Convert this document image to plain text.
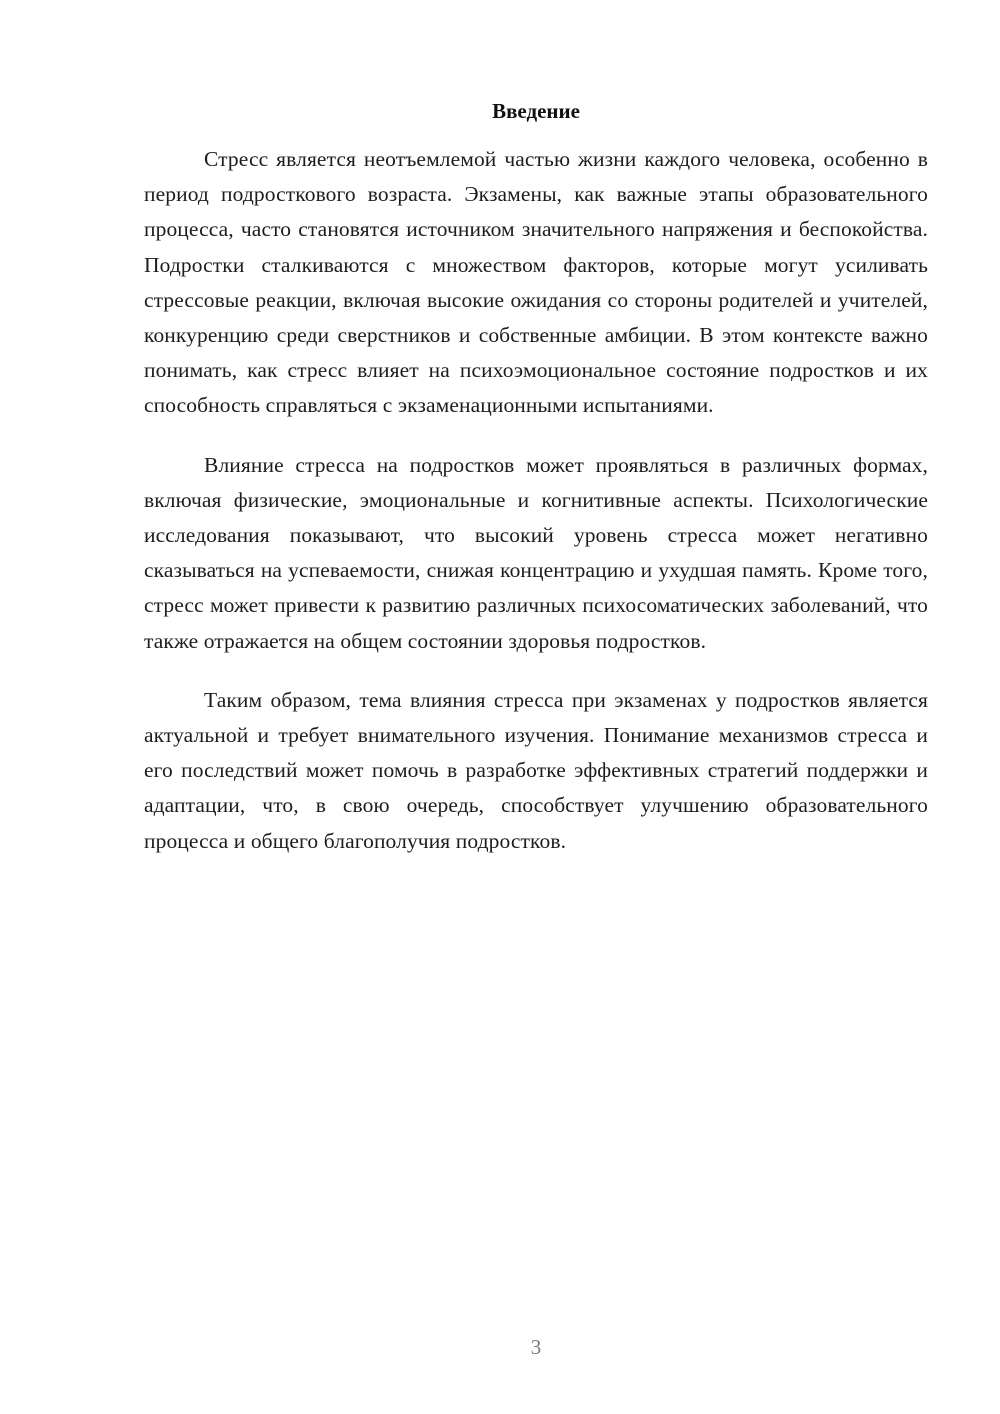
Введение

Стресс является неотъемлемой частью жизни каждого человека, особенно в период подросткового возраста. Экзамены, как важные этапы образовательного процесса, часто становятся источником значительного напряжения и беспокойства. Подростки сталкиваются с множеством факторов, которые могут усиливать стрессовые реакции, включая высокие ожидания со стороны родителей и учителей, конкуренцию среди сверстников и собственные амбиции. В этом контексте важно понимать, как стресс влияет на психоэмоциональное состояние подростков и их способность справляться с экзаменационными испытаниями.

Влияние стресса на подростков может проявляться в различных формах, включая физические, эмоциональные и когнитивные аспекты. Психологические исследования показывают, что высокий уровень стресса может негативно сказываться на успеваемости, снижая концентрацию и ухудшая память. Кроме того, стресс может привести к развитию различных психосоматических заболеваний, что также отражается на общем состоянии здоровья подростков.

Таким образом, тема влияния стресса при экзаменах у подростков является актуальной и требует внимательного изучения. Понимание механизмов стресса и его последствий может помочь в разработке эффективных стратегий поддержки и адаптации, что, в свою очередь, способствует улучшению образовательного процесса и общего благополучия подростков.

3
